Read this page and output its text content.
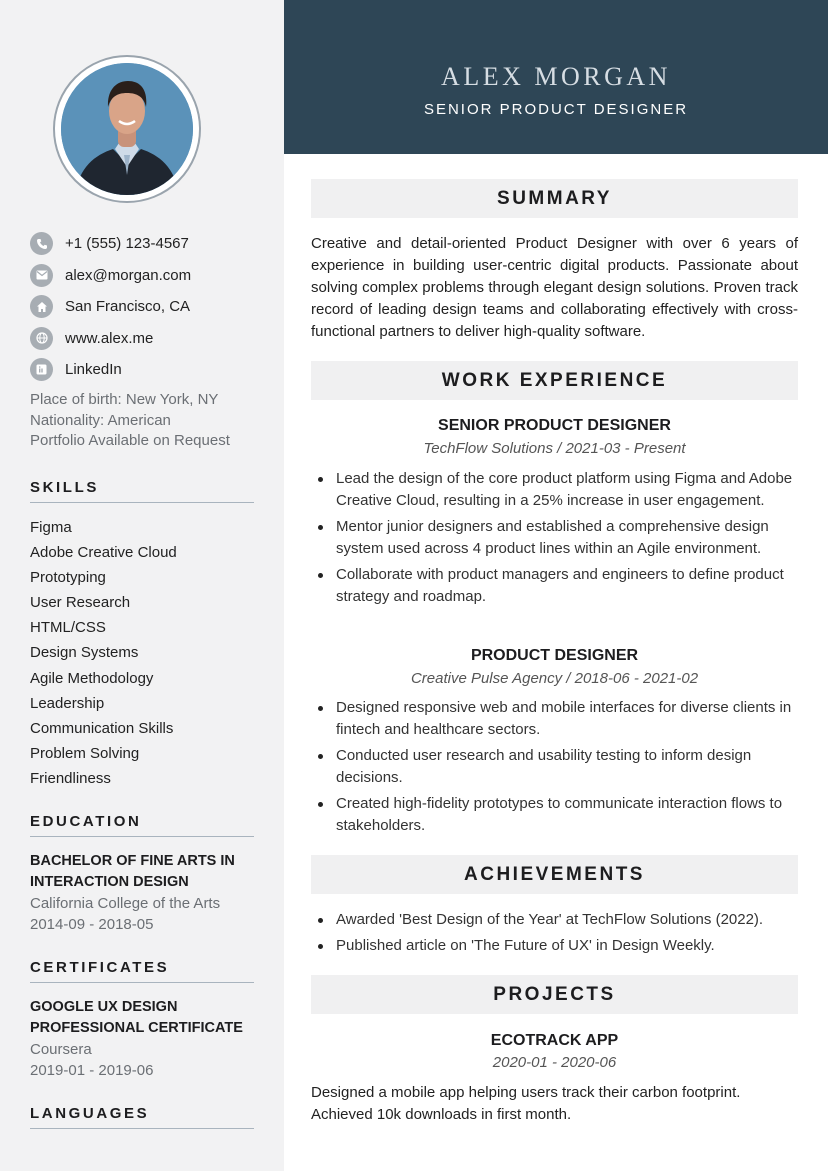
+1 (555) 123-4567
alex@morgan.com
San Francisco, CA
www.alex.me
LinkedIn
Place of birth: New York, NY
Nationality: American
Portfolio Available on Request
SKILLS
Figma
Adobe Creative Cloud
Prototyping
User Research
HTML/CSS
Design Systems
Agile Methodology
Leadership
Communication Skills
Problem Solving
Friendliness
EDUCATION
BACHELOR OF FINE ARTS IN INTERACTION DESIGN
California College of the Arts
2014-09 - 2018-05
CERTIFICATES
GOOGLE UX DESIGN PROFESSIONAL CERTIFICATE
Coursera
2019-01 - 2019-06
LANGUAGES
ALEX MORGAN
SENIOR PRODUCT DESIGNER
SUMMARY
Creative and detail-oriented Product Designer with over 6 years of experience in building user-centric digital products. Passionate about solving complex problems through elegant design solutions. Proven track record of leading design teams and collaborating effectively with cross-functional partners to deliver high-quality software.
WORK EXPERIENCE
SENIOR PRODUCT DESIGNER
TechFlow Solutions / 2021-03 - Present
Lead the design of the core product platform using Figma and Adobe Creative Cloud, resulting in a 25% increase in user engagement.
Mentor junior designers and established a comprehensive design system used across 4 product lines within an Agile environment.
Collaborate with product managers and engineers to define product strategy and roadmap.
PRODUCT DESIGNER
Creative Pulse Agency / 2018-06 - 2021-02
Designed responsive web and mobile interfaces for diverse clients in fintech and healthcare sectors.
Conducted user research and usability testing to inform design decisions.
Created high-fidelity prototypes to communicate interaction flows to stakeholders.
ACHIEVEMENTS
Awarded 'Best Design of the Year' at TechFlow Solutions (2022).
Published article on 'The Future of UX' in Design Weekly.
PROJECTS
ECOTRACK APP
2020-01 - 2020-06
Designed a mobile app helping users track their carbon footprint. Achieved 10k downloads in first month.
